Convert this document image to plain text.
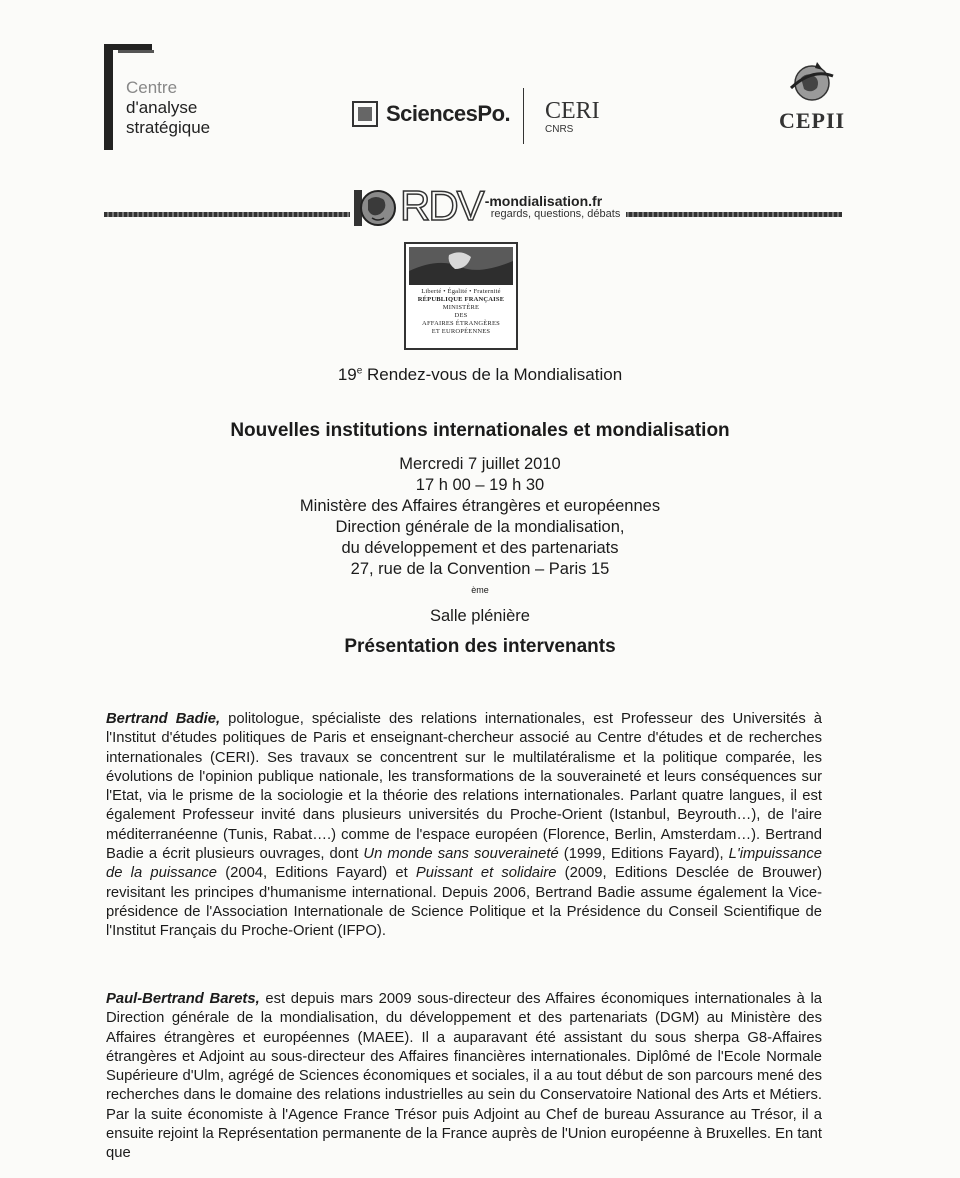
Centre
d'analyse
stratégique
SciencesPo. CERI
CNRS	CEPII
RDV -mondialisation.fr
regards, questions, débats
Liberté • Égalité • Fraternité
RÉPUBLIQUE FRANÇAISE
MINISTÈRE
DES
AFFAIRES ÉTRANGÈRES
ET EUROPÉENNES
19e Rendez-vous de la Mondialisation
Nouvelles institutions internationales et mondialisation
Mercredi 7 juillet 2010
17 h 00 – 19 h 30
Ministère des Affaires étrangères et européennes
Direction générale de la mondialisation,
du développement et des partenariats
27, rue de la Convention – Paris 15
$^{ème}$
Salle plénière
Présentation des intervenants
Bertrand Badie, politologue, spécialiste des relations internationales, est Professeur des Universités à l'Institut d'études politiques de Paris et enseignant-chercheur associé au Centre d'études et de recherches internationales (CERI). Ses travaux se concentrent sur le multilatéralisme et la politique comparée, les évolutions de l'opinion publique nationale, les transformations de la souveraineté et leurs conséquences sur l'Etat, via le prisme de la sociologie et la théorie des relations internationales. Parlant quatre langues, il est également Professeur invité dans plusieurs universités du Proche-Orient (Istanbul, Beyrouth…), de l'aire méditerranéenne (Tunis, Rabat….) comme de l'espace européen (Florence, Berlin, Amsterdam…). Bertrand Badie a écrit plusieurs ouvrages, dont Un monde sans souveraineté (1999, Editions Fayard), L'impuissance de la puissance (2004, Editions Fayard) et Puissant et solidaire (2009, Editions Desclée de Brouwer) revisitant les principes d'humanisme international. Depuis 2006, Bertrand Badie assume également la Vice-présidence de l'Association Internationale de Science Politique et la Présidence du Conseil Scientifique de l'Institut Français du Proche-Orient (IFPO).
Paul-Bertrand Barets, est depuis mars 2009 sous-directeur des Affaires économiques internationales à la Direction générale de la mondialisation, du développement et des partenariats (DGM) au Ministère des Affaires étrangères et européennes (MAEE). Il a auparavant été assistant du sous sherpa G8-Affaires étrangères et Adjoint au sous-directeur des Affaires financières internationales. Diplômé de l'Ecole Normale Supérieure d'Ulm, agrégé de Sciences économiques et sociales, il a au tout début de son parcours mené des recherches dans le domaine des relations industrielles au sein du Conservatoire National des Arts et Métiers. Par la suite économiste à l'Agence France Trésor puis Adjoint au Chef de bureau Assurance au Trésor, il a ensuite rejoint la Représentation permanente de la France auprès de l'Union européenne à Bruxelles. En tant que
